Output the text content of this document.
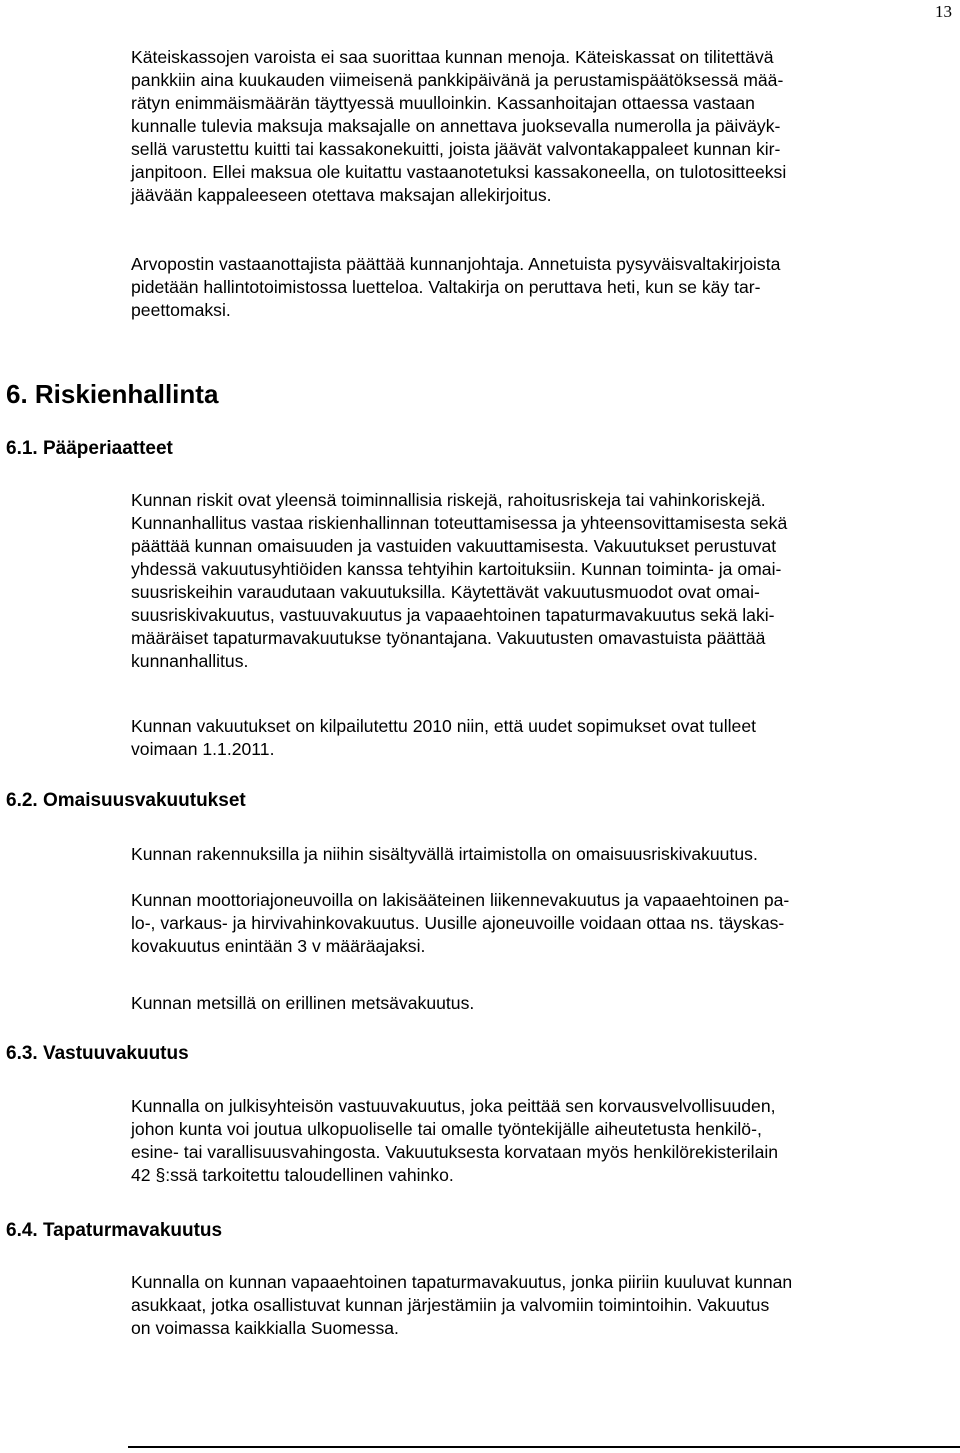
13
Käteiskassojen varoista ei saa suorittaa kunnan menoja. Käteiskassat on tilitettävä
pankkiin aina kuukauden viimeisenä pankkipäivänä ja perustamispäätöksessä mää-
rätyn enimmäismäärän täyttyessä muulloinkin. Kassanhoitajan ottaessa vastaan
kunnalle tulevia maksuja maksajalle on annettava juoksevalla numerolla ja päiväyk-
sellä varustettu kuitti tai kassakonekuitti, joista jäävät valvontakappaleet kunnan kir-
janpitoon. Ellei maksua ole kuitattu vastaanotetuksi kassakoneella, on tulotositteeksi
jäävään kappaleeseen otettava maksajan allekirjoitus.
Arvopostin vastaanottajista päättää kunnanjohtaja. Annetuista pysyväisvaltakirjoista
pidetään hallintotoimistossa luetteloa. Valtakirja on peruttava heti, kun se käy tar-
peettomaksi.
6. Riskienhallinta
6.1. Pääperiaatteet
Kunnan riskit ovat yleensä toiminnallisia riskejä, rahoitusriskeja tai vahinkoriskejä.
Kunnanhallitus vastaa riskienhallinnan toteuttamisessa ja yhteensovittamisesta sekä
päättää kunnan omaisuuden ja vastuiden vakuuttamisesta. Vakuutukset perustuvat
yhdessä vakuutusyhtiöiden kanssa tehtyihin kartoituksiin. Kunnan toiminta- ja omai-
suusriskeihin varaudutaan vakuutuksilla. Käytettävät vakuutusmuodot ovat omai-
suusriskivakuutus, vastuuvakuutus ja vapaaehtoinen tapaturmavakuutus sekä laki-
määräiset tapaturmavakuutukse työnantajana. Vakuutusten omavastuista päättää
kunnanhallitus.
Kunnan vakuutukset on kilpailutettu 2010 niin, että uudet sopimukset ovat tulleet
voimaan 1.1.2011.
6.2. Omaisuusvakuutukset
Kunnan rakennuksilla ja niihin sisältyvällä irtaimistolla on omaisuusriskivakuutus.
Kunnan moottoriajoneuvoilla on lakisääteinen liikennevakuutus ja vapaaehtoinen pa-
lo-, varkaus- ja hirvivahinkovakuutus. Uusille ajoneuvoille voidaan ottaa ns. täyskas-
kovakuutus enintään 3 v määräajaksi.
Kunnan metsillä on erillinen metsävakuutus.
6.3. Vastuuvakuutus
Kunnalla on julkisyhteisön vastuuvakuutus, joka peittää sen korvausvelvollisuuden,
johon kunta voi joutua ulkopuoliselle tai omalle työntekijälle aiheutetusta henkilö-,
esine- tai varallisuusvahingosta. Vakuutuksesta korvataan myös henkilörekisterilain
42 §:ssä tarkoitettu taloudellinen vahinko.
6.4. Tapaturmavakuutus
Kunnalla on kunnan vapaaehtoinen tapaturmavakuutus, jonka piiriin kuuluvat kunnan
asukkaat, jotka osallistuvat kunnan järjestämiin ja valvomiin toimintoihin. Vakuutus
on voimassa kaikkialla Suomessa.
